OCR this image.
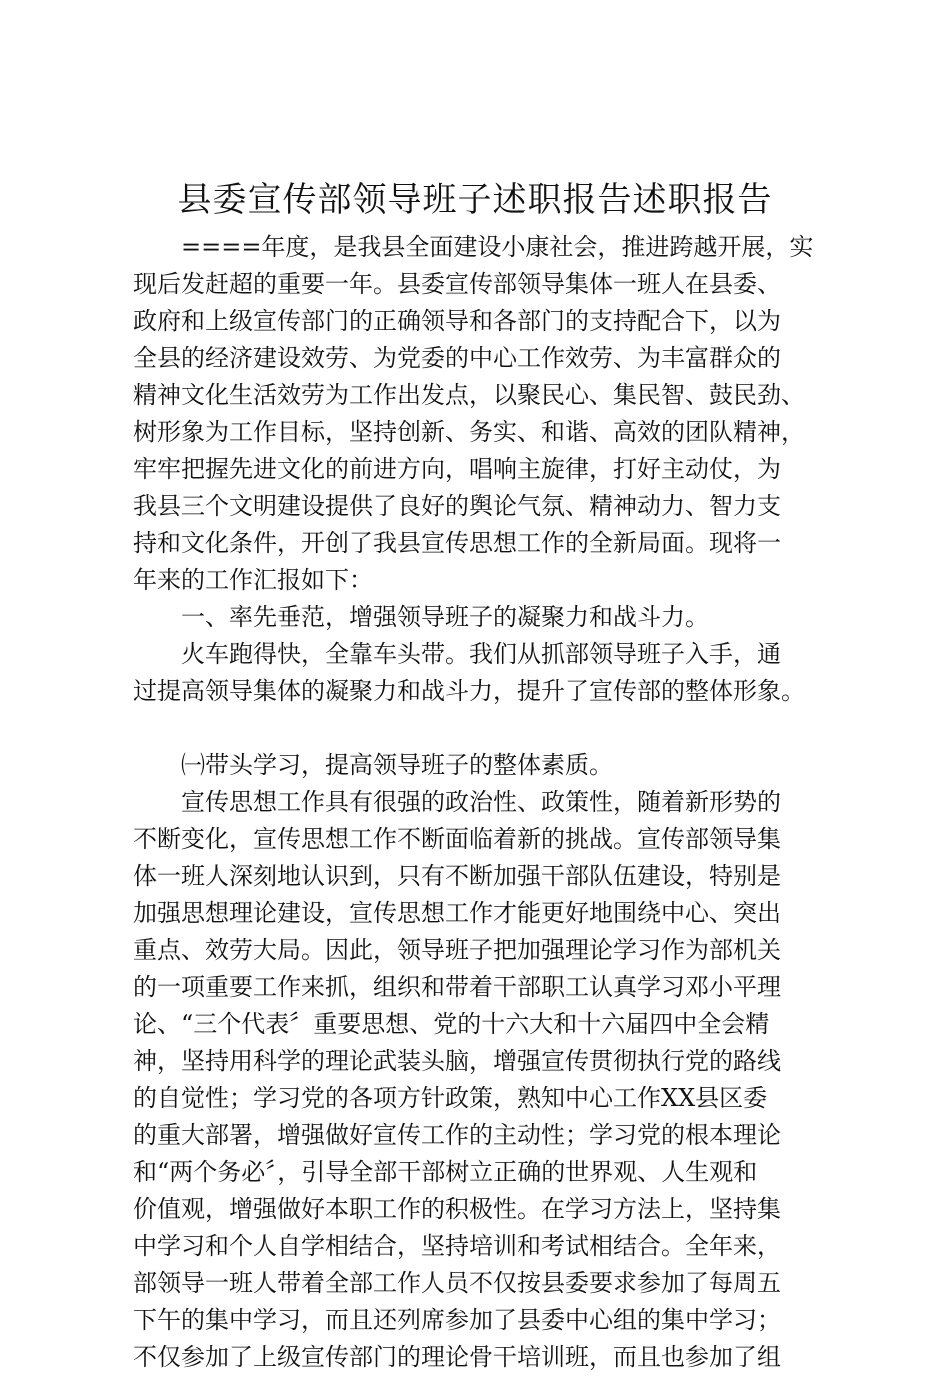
县委宣传部领导班子述职报告述职报告
====年度，是我县全面建设小康社会，推进跨越开展，实
现后发赶超的重要一年。县委宣传部领导集体一班人在县委、
政府和上级宣传部门的正确领导和各部门的支持配合下，以为
全县的经济建设效劳、为党委的中心工作效劳、为丰富群众的
精神文化生活效劳为工作出发点，以聚民心、集民智、鼓民劲、
树形象为工作目标，坚持创新、务实、和谐、高效的团队精神，
牢牢把握先进文化的前进方向，唱响主旋律，打好主动仗，为
我县三个文明建设提供了良好的舆论气氛、精神动力、智力支
持和文化条件，开创了我县宣传思想工作的全新局面。现将一
年来的工作汇报如下：
一、率先垂范，增强领导班子的凝聚力和战斗力。
火车跑得快，全靠车头带。我们从抓部领导班子入手，通
过提高领导集体的凝聚力和战斗力，提升了宣传部的整体形象。
㈠带头学习，提高领导班子的整体素质。
宣传思想工作具有很强的政治性、政策性，随着新形势的
不断变化，宣传思想工作不断面临着新的挑战。宣传部领导集
体一班人深刻地认识到，只有不断加强干部队伍建设，特别是
加强思想理论建设，宣传思想工作才能更好地围绕中心、突出
重点、效劳大局。因此，领导班子把加强理论学习作为部机关
的一项重要工作来抓，组织和带着干部职工认真学习邓小平理
论、“三个代表〞重要思想、党的十六大和十六届四中全会精
神，坚持用科学的理论武装头脑，增强宣传贯彻执行党的路线
的自觉性；学习党的各项方针政策，熟知中心工作XX县区委
的重大部署，增强做好宣传工作的主动性；学习党的根本理论
和“两个务必〞，引导全部干部树立正确的世界观、人生观和
价值观，增强做好本职工作的积极性。在学习方法上，坚持集
中学习和个人自学相结合，坚持培训和考试相结合。全年来，
部领导一班人带着全部工作人员不仅按县委要求参加了每周五
下午的集中学习，而且还列席参加了县委中心组的集中学习；
不仅参加了上级宣传部门的理论骨干培训班，而且也参加了组
